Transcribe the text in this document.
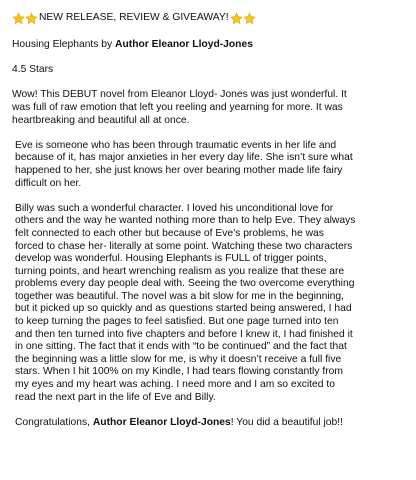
NEW RELEASE, REVIEW & GIVEAWAY!
Housing Elephants by Author Eleanor Lloyd-Jones
4.5 Stars
Wow! This DEBUT novel from Eleanor Lloyd- Jones was just wonderful. It
was full of raw emotion that left you reeling and yearning for more. It was
heartbreaking and beautiful all at once.
Eve is someone who has been through traumatic events in her life and
because of it, has major anxieties in her every day life. She isn’t sure what
happened to her, she just knows her over bearing mother made life fairy
difficult on her.
Billy was such a wonderful character. I loved his unconditional love for
others and the way he wanted nothing more than to help Eve. They always
felt connected to each other but because of Eve’s problems, he was
forced to chase her- literally at some point. Watching these two characters
develop was wonderful. Housing Elephants is FULL of trigger points,
turning points, and heart wrenching realism as you realize that these are
problems every day people deal with. Seeing the two overcome everything
together was beautiful. The novel was a bit slow for me in the beginning,
but it picked up so quickly and as questions started being answered, I had
to keep turning the pages to feel satisfied. But one page turned into ten
and then ten turned into five chapters and before I knew it, I had finished it
in one sitting. The fact that it ends with “to be continued” and the fact that
the beginning was a little slow for me, is why it doesn’t receive a full five
stars. When I hit 100% on my Kindle, I had tears flowing constantly from
my eyes and my heart was aching. I need more and I am so excited to
read the next part in the life of Eve and Billy.
Congratulations, Author Eleanor Lloyd-Jones! You did a beautiful job!!
